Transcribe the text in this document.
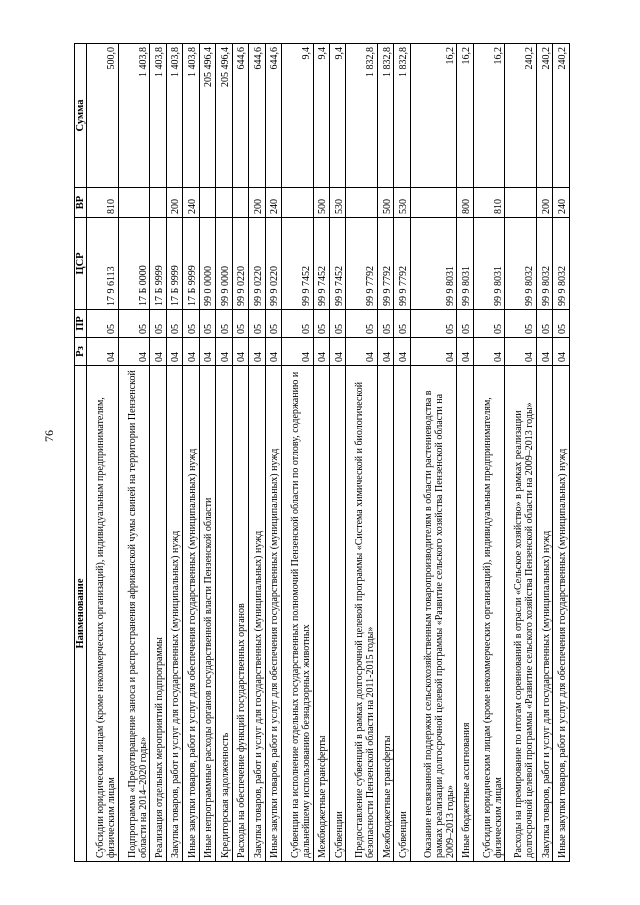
76
Наименование	Рз	ПР	ЦСР	ВР	Сумма
Субсидии юридическим лицам (кроме некоммерческих организаций), индивидуальным предпринимателям, физическим лицам	04	05	17 9 6113	810	500,0
Подпрограмма «Предотвращение заноса и распространения африканской чумы свиней на территории Пензенской области на 2014–2020 годы»	04	05	17 Б 0000		1 403,8
Реализация отдельных мероприятий подпрограммы	04	05	17 Б 9999		1 403,8
Закупка товаров, работ и услуг для государственных (муниципальных) нужд	04	05	17 Б 9999	200	1 403,8
Иные закупки товаров, работ и услуг для обеспечения государственных (муниципальных) нужд	04	05	17 Б 9999	240	1 403,8
Иные непрограммные расходы органов государственной власти Пензенской области	04	05	99 0 0000		205 496,4
Кредиторская задолженность	04	05	99 9 0000		205 496,4
Расходы на обеспечение функций государственных органов	04	05	99 9 0220		644,6
Закупка товаров, работ и услуг для государственных (муниципальных) нужд	04	05	99 9 0220	200	644,6
Иные закупки товаров, работ и услуг для обеспечения государственных (муниципальных) нужд	04	05	99 9 0220	240	644,6
Субвенции на исполнение отдельных государственных полномочий Пензенской области по отлову, содержанию и дальнейшему использованию безнадзорных животных	04	05	99 9 7452		9,4
Межбюджетные трансферты	04	05	99 9 7452	500	9,4
Субвенции	04	05	99 9 7452	530	9,4
Предоставление субвенций в рамках долгосрочной целевой программы «Система химической и биологической безопасности Пензенской области на 2011-2015 годы»	04	05	99 9 7792		1 832,8
Межбюджетные трансферты	04	05	99 9 7792	500	1 832,8
Субвенции	04	05	99 9 7792	530	1 832,8
Оказание несвязанной поддержки сельскохозяйственным товаропроизводителям в области растениеводства в рамках реализации долгосрочной целевой программы «Развитие сельского хозяйства Пензенской области на 2009–2013 годы»	04	05	99 9 8031		16,2
Иные бюджетные ассигнования	04	05	99 9 8031	800	16,2
Субсидии юридическим лицам (кроме некоммерческих организаций), индивидуальным предпринимателям, физическим лицам	04	05	99 9 8031	810	16,2
Расходы на премирование по итогам соревнований в отрасли «Сельское хозяйство» в рамках реализации долгосрочной целевой программы «Развитие сельского хозяйства Пензенской области на 2009–2013 годы»	04	05	99 9 8032		240,2
Закупка товаров, работ и услуг для государственных (муниципальных) нужд	04	05	99 9 8032	200	240,2
Иные закупки товаров, работ и услуг для обеспечения государственных (муниципальных) нужд	04	05	99 9 8032	240	240,2
